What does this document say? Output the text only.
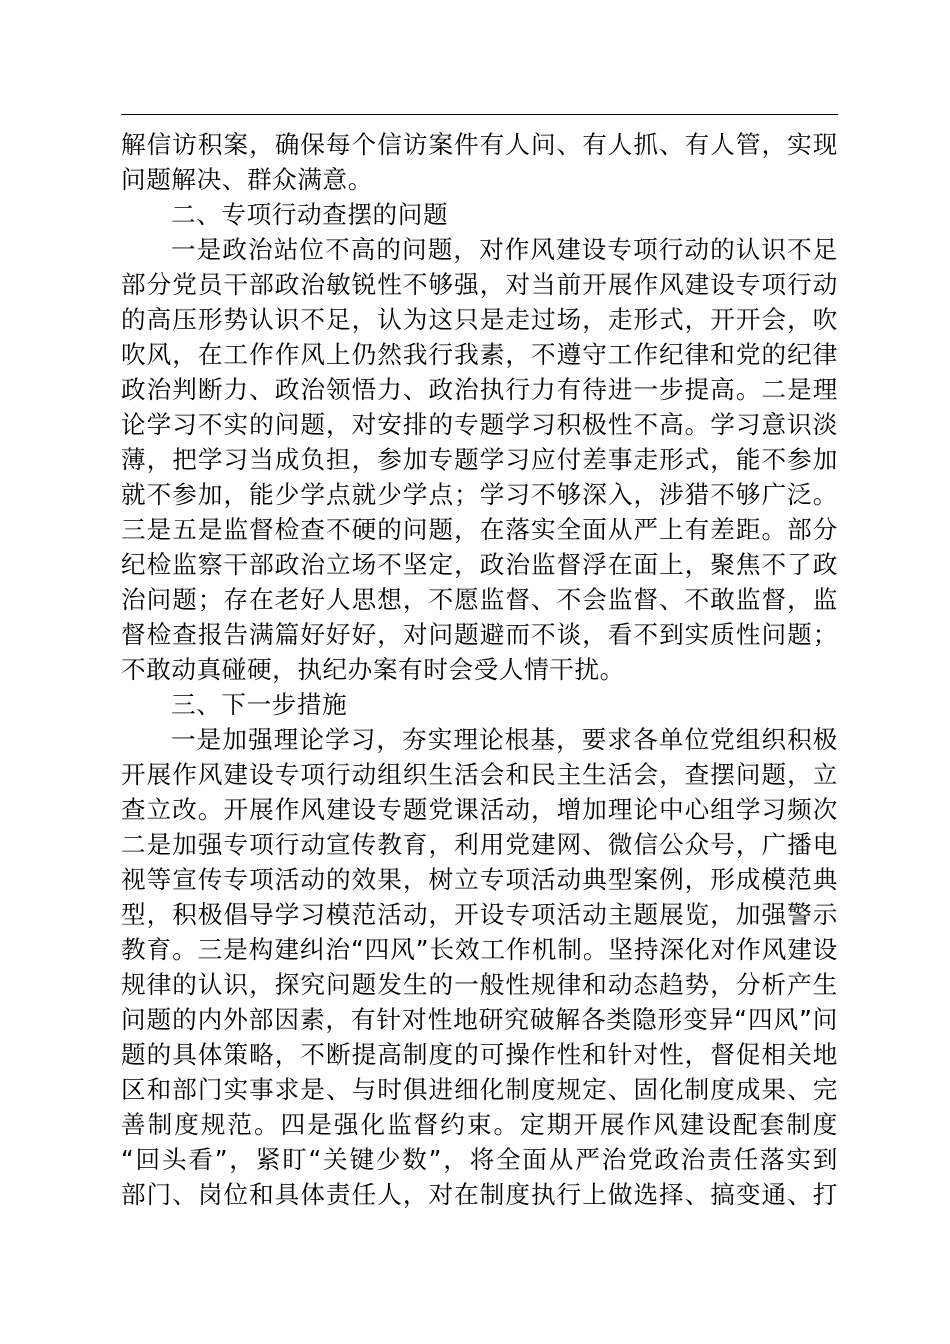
解信访积案，确保每个信访案件有人问、有人抓、有人管，实现
问题解决、群众满意。
二、专项行动查摆的问题
一是政治站位不高的问题，对作风建设专项行动的认识不足
部分党员干部政治敏锐性不够强，对当前开展作风建设专项行动
的高压形势认识不足，认为这只是走过场，走形式，开开会，吹
吹风，在工作作风上仍然我行我素，不遵守工作纪律和党的纪律
政治判断力、政治领悟力、政治执行力有待进一步提高。二是理
论学习不实的问题，对安排的专题学习积极性不高。学习意识淡
薄，把学习当成负担，参加专题学习应付差事走形式，能不参加
就不参加，能少学点就少学点；学习不够深入，涉猎不够广泛。
三是五是监督检查不硬的问题，在落实全面从严上有差距。部分
纪检监察干部政治立场不坚定，政治监督浮在面上，聚焦不了政
治问题；存在老好人思想，不愿监督、不会监督、不敢监督，监
督检查报告满篇好好好，对问题避而不谈，看不到实质性问题；
不敢动真碰硬，执纪办案有时会受人情干扰。
三、下一步措施
一是加强理论学习，夯实理论根基，要求各单位党组织积极
开展作风建设专项行动组织生活会和民主生活会，查摆问题，立
查立改。开展作风建设专题党课活动，增加理论中心组学习频次
二是加强专项行动宣传教育，利用党建网、微信公众号，广播电
视等宣传专项活动的效果，树立专项活动典型案例，形成模范典
型，积极倡导学习模范活动，开设专项活动主题展览，加强警示
教育。三是构建纠治“四风”长效工作机制。坚持深化对作风建设
规律的认识，探究问题发生的一般性规律和动态趋势，分析产生
问题的内外部因素，有针对性地研究破解各类隐形变异“四风”问
题的具体策略，不断提高制度的可操作性和针对性，督促相关地
区和部门实事求是、与时俱进细化制度规定、固化制度成果、完
善制度规范。四是强化监督约束。定期开展作风建设配套制度
“回头看”，紧盯“关键少数”，将全面从严治党政治责任落实到
部门、岗位和具体责任人，对在制度执行上做选择、搞变通、打
